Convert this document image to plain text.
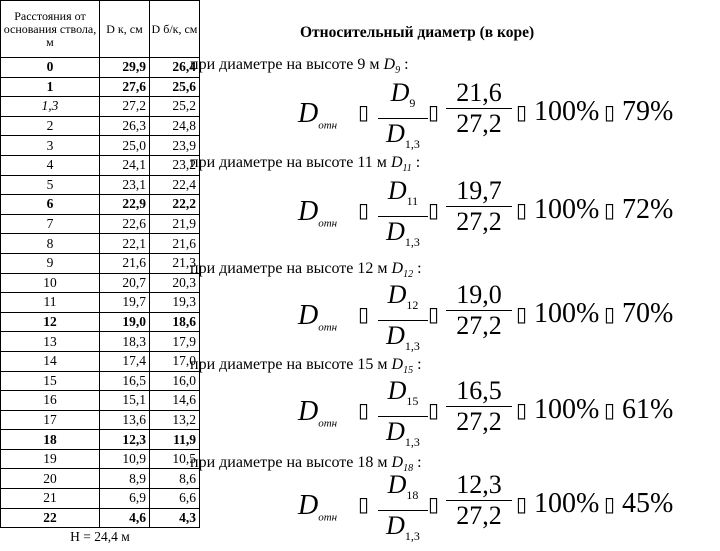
Расстояния от основания ствола, м	D к, см	D б/к, см
0	29,9	26,4
1	27,6	25,6
1,3	27,2	25,2
2	26,3	24,8
3	25,0	23,9
4	24,1	23,2
5	23,1	22,4
6	22,9	22,2
7	22,6	21,9
8	22,1	21,6
9	21,6	21,3
10	20,7	20,3
11	19,7	19,3
12	19,0	18,6
13	18,3	17,9
14	17,4	17,0
15	16,5	16,0
16	15,1	14,6
17	13,6	13,2
18	12,3	11,9
19	10,9	10,5
20	8,9	8,6
21	6,9	6,6
22	4,6	4,3
H = 24,4 м		
Относительный диаметр (в коре)
при диаметре на высоте 9 м $D_9$ :
$D_{отн}$
▯ $\frac{D_9}{D_{1,3}}$ ▯ $\frac{21,6}{27,2}$ ▯ 100% ▯ 79%
при диаметре на высоте 11 м $D_{11}$ :
$D_{отн}$
▯ $\frac{D_{11}}{D_{1,3}}$ ▯ $\frac{19,7}{27,2}$ ▯ 100% ▯ 72%
при диаметре на высоте 12 м $D_{12}$ :
$D_{отн}$
▯ $\frac{D_{12}}{D_{1,3}}$ ▯ $\frac{19,0}{27,2}$ ▯ 100% ▯ 70%
при диаметре на высоте 15 м $D_{15}$ :
$D_{отн}$
▯ $\frac{D_{15}}{D_{1,3}}$ ▯ $\frac{16,5}{27,2}$ ▯ 100% ▯ 61%
при диаметре на высоте 18 м $D_{18}$ :
$D_{отн}$
▯ $\frac{D_{18}}{D_{1,3}}$ ▯ $\frac{12,3}{27,2}$ ▯ 100% ▯ 45%
